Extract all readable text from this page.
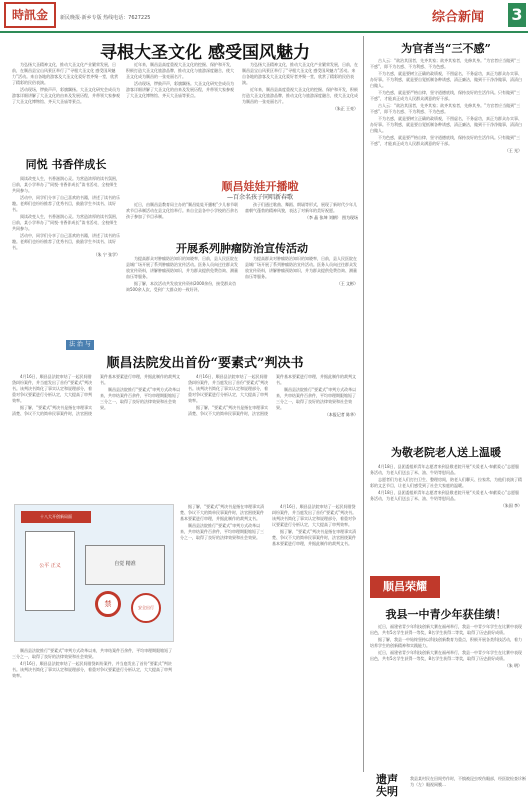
時訊金	新民晚报·新乡专版 热线电话：7627225	综合新闻 3
寻根大圣文化 感受国风魅力

为弘扬大圣精神文化，推动大圣文化产业繁荣发展，日前，在顺昌县宝山风景区举行了“寻根大圣文化 感受国风魅力”活动。来自各地的游客及大圣文化爱好者齐聚一堂，欣赏了精彩的民俗表演。

活动现场，锣鼓声声，彩旗飘扬。大圣文化研究会成员为游客详细讲解了大圣文化的由来及发展历程，并带领大家参观了大圣文化博物馆、齐天大圣庙等景点。

近年来，顺昌县高度重视大圣文化的挖掘、保护和开发，积极打造大圣文化旅游品牌，推动文化与旅游深度融合，使大圣文化成为顺昌的一张亮丽名片。

活动现场，锣鼓声声，彩旗飘扬。大圣文化研究会成员为游客详细讲解了大圣文化的由来及发展历程，并带领大家参观了大圣文化博物馆、齐天大圣庙等景点。

为弘扬大圣精神文化，推动大圣文化产业繁荣发展，日前，在顺昌县宝山风景区举行了“寻根大圣文化 感受国风魅力”活动。来自各地的游客及大圣文化爱好者齐聚一堂，欣赏了精彩的民俗表演。

近年来，顺昌县高度重视大圣文化的挖掘、保护和开发，积极打造大圣文化旅游品牌，推动文化与旅游深度融合，使大圣文化成为顺昌的一张亮丽名片。

（朱正 王亮）
同悦 书香伴成长

阅读改变人生，书香滋润心灵。为营造浓厚的读书氛围，日前，某小学举办了“同悦·书香伴成长”读书活动，全校师生共同参与。

活动中，同学们分享了自己喜欢的书籍，讲述了读书的乐趣。老师们也纷纷推荐了优秀书目，鼓励学生多读书、读好书。

阅读改变人生，书香滋润心灵。为营造浓厚的读书氛围，日前，某小学举办了“同悦·书香伴成长”读书活动，全校师生共同参与。

活动中，同学们分享了自己喜欢的书籍，讲述了读书的乐趣。老师们也纷纷推荐了优秀书目，鼓励学生多读书、读好书。

（朱 宁 张学）
顺昌娃娃开播啦
—百余名孩子同唱新春歌

近日，由顺昌县教育局主办的“顺昌娃娃开播啦”少儿春节联欢节目录制活动在县文化馆举行。来自全县各中小学校的百余名孩子参加了节目录制。

孩子们通过歌曲、舞蹈、朗诵等形式，展现了新时代少年儿童朝气蓬勃的精神风貌，表达了对新年的美好祝愿。

（李 晶 张坤 刘朝） 图为现场
开展系列肿瘤防治宣传活动

为提高群众对肿瘤防治知识的知晓率，日前，县人民医院在县城广场开展了系列肿瘤防治宣传活动。医务人员向过往群众发放宣传资料，讲解肿瘤预防知识，并为群众提供免费咨询、测量血压等服务。

据了解，本次活动共发放宣传资料2000余份，接受群众咨询500余人次，受到广大群众的一致好评。

为提高群众对肿瘤防治知识的知晓率，日前，县人民医院在县城广场开展了系列肿瘤防治宣传活动。医务人员向过往群众发放宣传资料，讲解肿瘤预防知识，并为群众提供免费咨询、测量血压等服务。

（王 文彬）
法 治 与 法
顺昌法院发出首份“要素式”判决书

4月16日，顺昌县法院审结了一起民间借贷纠纷案件，并当庭发出了首份“要素式”判决书。该判决书简化了事实认定和说理部分，着重对争议要素进行分析认定，大大提高了审判效率。

据了解，“要素式”判决书是指在审理事实清楚、争议不大的简单民事案件时，法官围绕案件基本要素进行审理，并据此制作的裁判文书。

顺昌县法院推行“要素式”审判方式改革以来，共审结案件百余件，平均审理期限缩短了三分之一，取得了良好的法律效果和社会效果。

4月16日，顺昌县法院审结了一起民间借贷纠纷案件，并当庭发出了首份“要素式”判决书。该判决书简化了事实认定和说理部分，着重对争议要素进行分析认定，大大提高了审判效率。

据了解，“要素式”判决书是指在审理事实清楚、争议不大的简单民事案件时，法官围绕案件基本要素进行审理，并据此制作的裁判文书。

顺昌县法院推行“要素式”审判方式改革以来，共审结案件百余件，平均审理期限缩短了三分之一，取得了良好的法律效果和社会效果。

（本报记者 陈华）
十八大开创新局面
公平 正义	自觉 精准
禁	安全出行

据了解，“要素式”判决书是指在审理事实清楚、争议不大的简单民事案件时，法官围绕案件基本要素进行审理，并据此制作的裁判文书。

顺昌县法院推行“要素式”审判方式改革以来，共审结案件百余件，平均审理期限缩短了三分之一，取得了良好的法律效果和社会效果。

4月16日，顺昌县法院审结了一起民间借贷纠纷案件，并当庭发出了首份“要素式”判决书。该判决书简化了事实认定和说理部分，着重对争议要素进行分析认定，大大提高了审判效率。

据了解，“要素式”判决书是指在审理事实清楚、争议不大的简单民事案件时，法官围绕案件基本要素进行审理，并据此制作的裁判文书。

顺昌县法院推行“要素式”审判方式改革以来，共审结案件百余件，平均审理期限缩短了三分之一，取得了良好的法律效果和社会效果。

4月16日，顺昌县法院审结了一起民间借贷纠纷案件，并当庭发出了首份“要素式”判决书。该判决书简化了事实认定和说理部分，着重对争议要素进行分析认定，大大提高了审判效率。

为官者当“三不感”

古人云：“欲治其国者，先齐其家；欲齐其家者，先修其身。”为官者应当做到“三不惑”，即不为名惑、不为利惑、不为色惑。

不为名惑，就是要树立正确的政绩观，不图虚名，不务虚功，真正为群众办实事、办好事。不为利惑，就是要自觉抵制各种诱惑，清正廉洁，做到干干净净做事，清清白白做人。

不为色惑，就是要严格自律，坚守道德底线，保持良好的生活作风。只有做到“三不惑”，才能真正成为人民群众满意的好干部。

古人云：“欲治其国者，先齐其家；欲齐其家者，先修其身。”为官者应当做到“三不惑”，即不为名惑、不为利惑、不为色惑。

不为名惑，就是要树立正确的政绩观，不图虚名，不务虚功，真正为群众办实事、办好事。不为利惑，就是要自觉抵制各种诱惑，清正廉洁，做到干干净净做事，清清白白做人。

不为色惑，就是要严格自律，坚守道德底线，保持良好的生活作风。只有做到“三不惑”，才能真正成为人民群众满意的好干部。

（王 光）
为敬老院老人送上温暖

4月18日，县团委组织青年志愿者来到县敬老院开展“关爱老人·奉献爱心”志愿服务活动，为老人们送去了米、油、牛奶等慰问品。

志愿者们为老人们打扫卫生、整理房间，陪老人们聊天、拉家常，为他们表演了精彩的文艺节目，让老人们感受到了社会大家庭的温暖。

4月18日，县团委组织青年志愿者来到县敬老院开展“关爱老人·奉献爱心”志愿服务活动，为老人们送去了米、油、牛奶等慰问品。

（朱国 李）
顺昌荣耀
我县一中青少年获佳绩！

近日，福建省青少年科技创新大赛在福州举行，我县一中青少年学生在比赛中表现出色，共有5名学生获得一等奖，8名学生获得二等奖，取得了历史最好成绩。

据了解，我县一中始终坚持以科技创新教育为重点，积极开展各类科技活动，着力培养学生的创新精神和实践能力。

近日，福建省青少年科技创新大赛在福州举行，我县一中青少年学生在比赛中表现出色，共有5名学生获得一等奖，8名学生获得二等奖，取得了历史最好成绩。

（朱 明）
遗声
失明
我县某村民在田间劳作时，不慎被昆虫咬伤眼部，经医院检查诊断为（左）眼视网膜…
